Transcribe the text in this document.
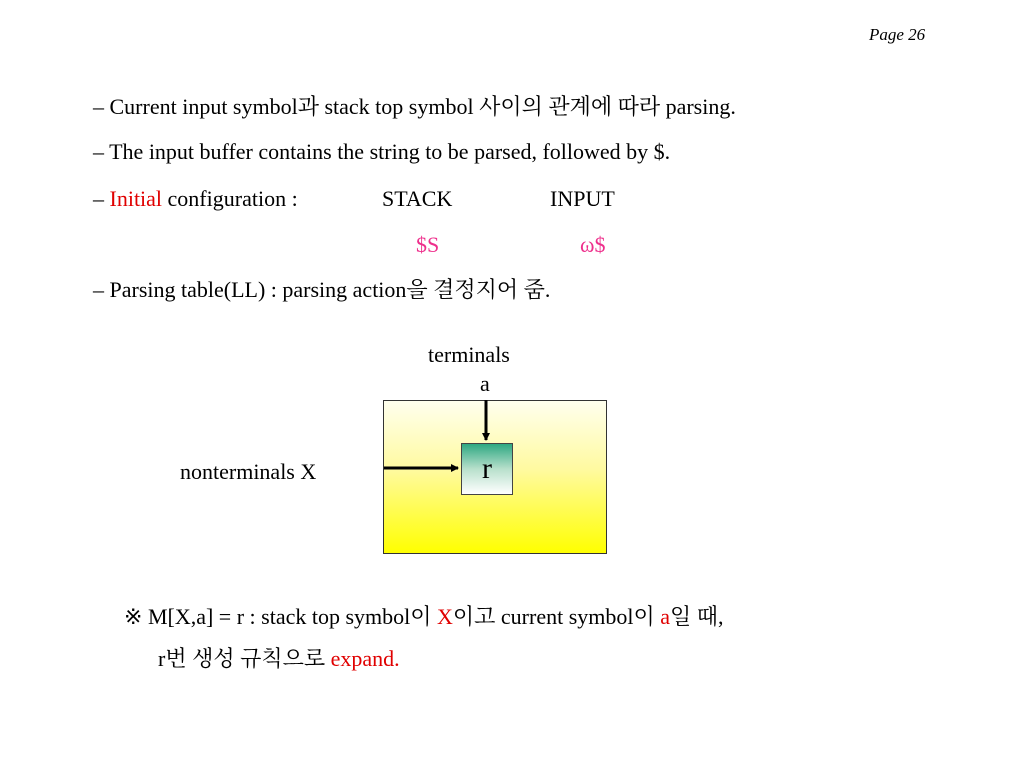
Page 26
– Current input symbol과 stack top symbol 사이의 관계에 따라 parsing.
– The input buffer contains the string to be parsed, followed by $.
– Initial configuration :	STACK	INPUT
$S	ω$
– Parsing table(LL) : parsing action을 결정지어 줌.
terminals
a
r
nonterminals X
※ M[X,a] = r : stack top symbol이 X이고 current symbol이 a일 때,
r번 생성 규칙으로 expand.
